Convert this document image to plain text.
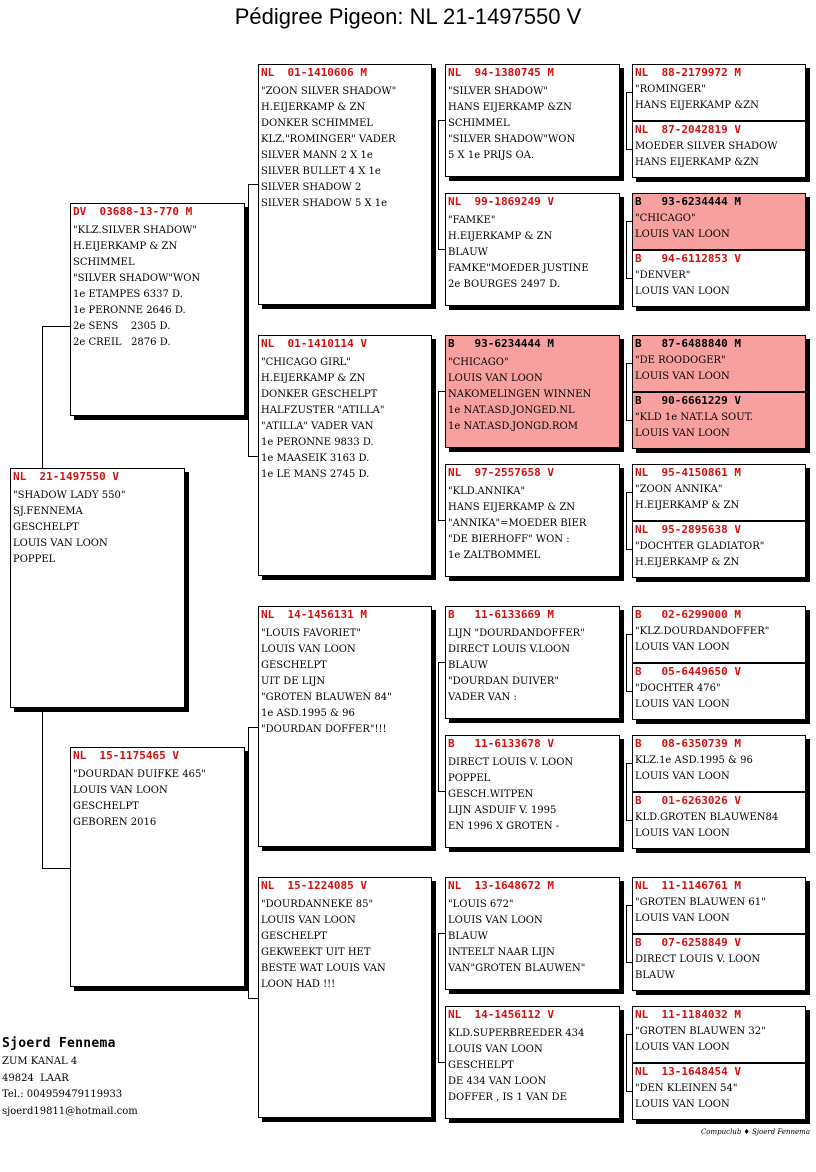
Pédigree Pigeon: NL 21-1497550 V
NL  21-1497550 V
"SHADOW LADY 550"
SJ.FENNEMA
GESCHELPT
LOUIS VAN LOON
POPPEL
DV  03688-13-770 M
"KLZ.SILVER SHADOW"
H.EIJERKAMP & ZN
SCHIMMEL
"SILVER SHADOW"WON
1e ETAMPES 6337 D.
1e PERONNE 2646 D.
2e SENS    2305 D.
2e CREIL   2876 D.
NL  15-1175465 V
"DOURDAN DUIFKE 465"
LOUIS VAN LOON
GESCHELPT
GEBOREN 2016
NL  01-1410606 M
"ZOON SILVER SHADOW"
H.EIJERKAMP & ZN
DONKER SCHIMMEL
KLZ."ROMINGER" VADER
SILVER MANN 2 X 1e
SILVER BULLET 4 X 1e
SILVER SHADOW 2
SILVER SHADOW 5 X 1e
NL  01-1410114 V
"CHICAGO GIRL"
H.EIJERKAMP & ZN
DONKER GESCHELPT
HALFZUSTER "ATILLA"
"ATILLA" VADER VAN
1e PERONNE 9833 D.
1e MAASEIK 3163 D.
1e LE MANS 2745 D.
NL  14-1456131 M
"LOUIS FAVORIET"
LOUIS VAN LOON
GESCHELPT
UIT DE LIJN
"GROTEN BLAUWEN 84"
1e ASD.1995 & 96
"DOURDAN DOFFER"!!!
NL  15-1224085 V
"DOURDANNEKE 85"
LOUIS VAN LOON
GESCHELPT
GEKWEEKT UIT HET
BESTE WAT LOUIS VAN
LOON HAD !!!
NL  94-1380745 M
"SILVER SHADOW"
HANS EIJERKAMP &ZN
SCHIMMEL
"SILVER SHADOW"WON
5 X 1e PRIJS OA.
NL  99-1869249 V
"FAMKE"
H.EIJERKAMP & ZN
BLAUW
FAMKE"MOEDER JUSTINE
2e BOURGES 2497 D.
B   93-6234444 M
"CHICAGO"
LOUIS VAN LOON
NAKOMELINGEN WINNEN
1e NAT.ASD.JONGED.NL
1e NAT.ASD.JONGD.ROM
NL  97-2557658 V
"KLD.ANNIKA"
HANS EIJERKAMP & ZN
"ANNIKA"=MOEDER BIER
"DE BIERHOFF" WON :
1e ZALTBOMMEL
B   11-6133669 M
LIJN "DOURDANDOFFER"
DIRECT LOUIS V.LOON
BLAUW
"DOURDAN DUIVER"
VADER VAN :
B   11-6133678 V
DIRECT LOUIS V. LOON
POPPEL
GESCH.WITPEN
LIJN ASDUIF V. 1995
EN 1996 X GROTEN -
NL  13-1648672 M
"LOUIS 672"
LOUIS VAN LOON
BLAUW
INTEELT NAAR LIJN
VAN"GROTEN BLAUWEN"
NL  14-1456112 V
KLD.SUPERBREEDER 434
LOUIS VAN LOON
GESCHELPT
DE 434 VAN LOON
DOFFER , IS 1 VAN DE
NL  88-2179972 M
"ROMINGER"
HANS EIJERKAMP &ZN
NL  87-2042819 V
MOEDER SILVER SHADOW
HANS EIJERKAMP &ZN
B   93-6234444 M
"CHICAGO"
LOUIS VAN LOON
B   94-6112853 V
"DENVER"
LOUIS VAN LOON
B   87-6488840 M
"DE ROODOGER"
LOUIS VAN LOON
B   90-6661229 V
"KLD 1e NAT.LA SOUT.
LOUIS VAN LOON
NL  95-4150861 M
"ZOON ANNIKA"
H.EIJERKAMP & ZN
NL  95-2895638 V
"DOCHTER GLADIATOR"
H.EIJERKAMP & ZN
B   02-6299000 M
"KLZ.DOURDANDOFFER"
LOUIS VAN LOON
B   05-6449650 V
"DOCHTER 476"
LOUIS VAN LOON
B   08-6350739 M
KLZ.1e ASD.1995 & 96
LOUIS VAN LOON
B   01-6263026 V
KLD.GROTEN BLAUWEN84
LOUIS VAN LOON
NL  11-1146761 M
"GROTEN BLAUWEN 61"
LOUIS VAN LOON
B   07-6258849 V
DIRECT LOUIS V. LOON
BLAUW
NL  11-1184032 M
"GROTEN BLAUWEN 32"
LOUIS VAN LOON
NL  13-1648454 V
"DEN KLEINEN 54"
LOUIS VAN LOON
Sjoerd Fennema
ZUM KANAL 4
49824  LAAR
Tel.: 004959479119933
sjoerd19811@hotmail.com
Compuclub ♦ Sjoerd Fennema
